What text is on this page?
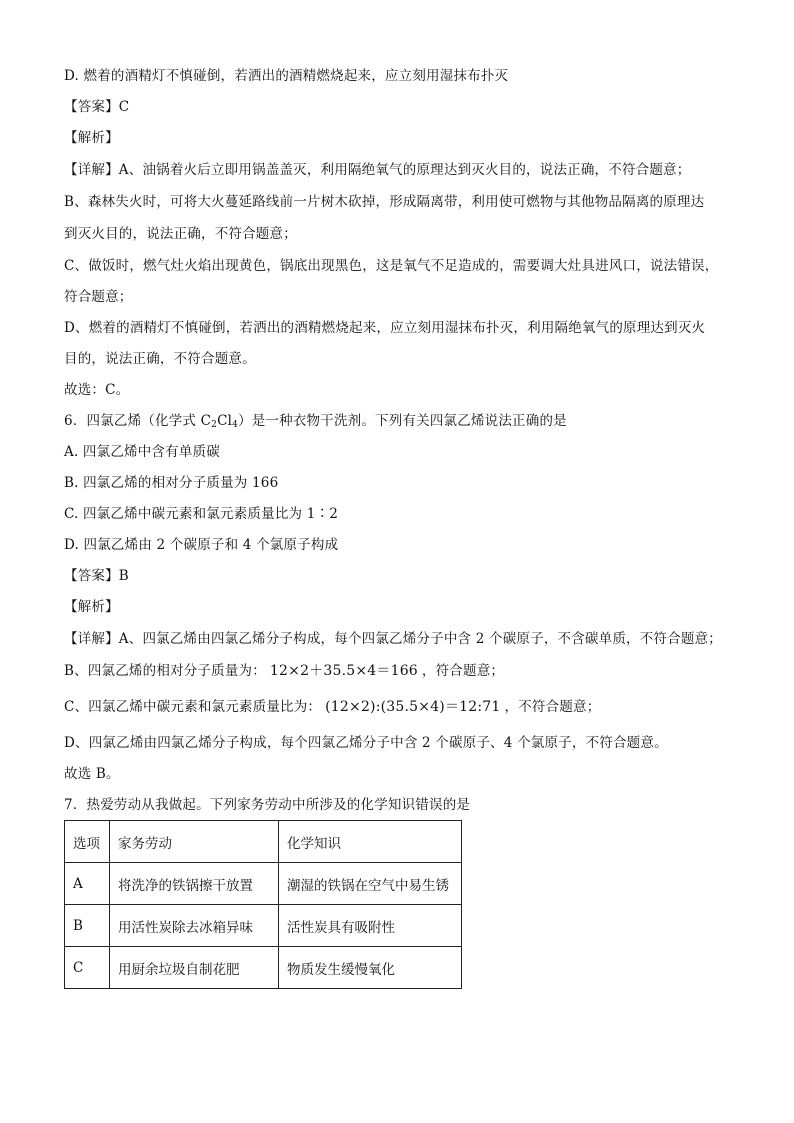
D. 燃着的酒精灯不慎碰倒，若洒出的酒精燃烧起来，应立刻用湿抹布扑灭
【答案】C
【解析】
【详解】A、油锅着火后立即用锅盖盖灭，利用隔绝氧气的原理达到灭火目的，说法正确，不符合题意；
B、森林失火时，可将大火蔓延路线前一片树木砍掉，形成隔离带，利用使可燃物与其他物品隔离的原理达
到灭火目的，说法正确，不符合题意；
C、做饭时，燃气灶火焰出现黄色，锅底出现黑色，这是氧气不足造成的，需要调大灶具进风口，说法错误，
符合题意；
D、燃着的酒精灯不慎碰倒，若洒出的酒精燃烧起来，应立刻用湿抹布扑灭，利用隔绝氧气的原理达到灭火
目的，说法正确，不符合题意。
故选：C。
6．四氯乙烯（化学式 $C_2Cl_4$）是一种衣物干洗剂。下列有关四氯乙烯说法正确的是
A. 四氯乙烯中含有单质碳
B. 四氯乙烯的相对分子质量为 166
C. 四氯乙烯中碳元素和氯元素质量比为 1∶2
D. 四氯乙烯由 2 个碳原子和 4 个氯原子构成
【答案】B
【解析】
【详解】A、四氯乙烯由四氯乙烯分子构成，每个四氯乙烯分子中含 2 个碳原子，不含碳单质，不符合题意；
B、四氯乙烯的相对分子质量为： 12×2＋35.5×4＝166 ，符合题意；
C、四氯乙烯中碳元素和氯元素质量比为： (12×2):(35.5×4)＝12:71 ，不符合题意；
D、四氯乙烯由四氯乙烯分子构成，每个四氯乙烯分子中含 2 个碳原子、4 个氯原子，不符合题意。
故选 B。
7．热爱劳动从我做起。下列家务劳动中所涉及的化学知识错误的是
选项	家务劳动	化学知识
A	将洗净的铁锅擦干放置	潮湿的铁锅在空气中易生锈
B	用活性炭除去冰箱异味	活性炭具有吸附性
C	用厨余垃圾自制花肥	物质发生缓慢氧化
